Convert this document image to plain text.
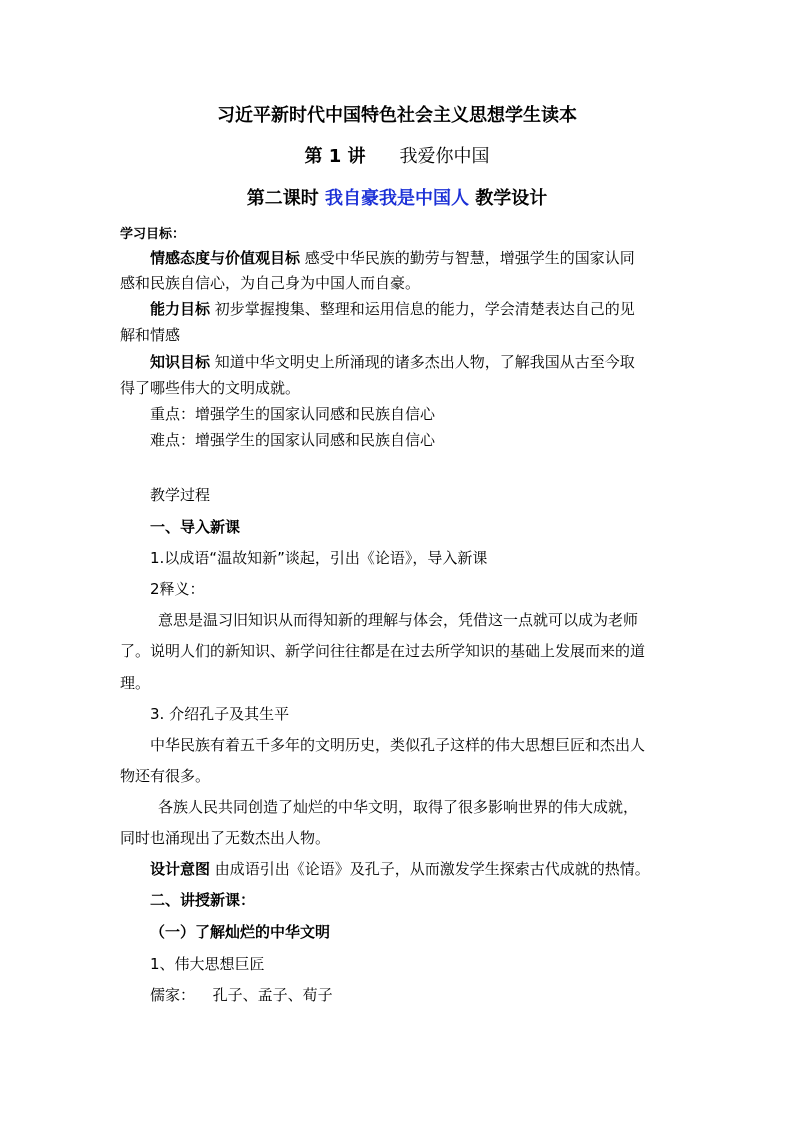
习近平新时代中国特色社会主义思想学生读本
第 1 讲 我爱你中国
第二课时 我自豪我是中国人 教学设计
学习目标：
情感态度与价值观目标 感受中华民族的勤劳与智慧，增强学生的国家认同
感和民族自信心，为自己身为中国人而自豪。
能力目标 初步掌握搜集、整理和运用信息的能力，学会清楚表达自己的见
解和情感
知识目标 知道中华文明史上所涌现的诸多杰出人物，了解我国从古至今取
得了哪些伟大的文明成就。
重点：增强学生的国家认同感和民族自信心
难点：增强学生的国家认同感和民族自信心
教学过程
一、导入新课
1.以成语“温故知新”谈起，引出《论语》，导入新课
2释义：
意思是温习旧知识从而得知新的理解与体会，凭借这一点就可以成为老师
了。说明人们的新知识、新学问往往都是在过去所学知识的基础上发展而来的道
理。
3. 介绍孔子及其生平
中华民族有着五千多年的文明历史，类似孔子这样的伟大思想巨匠和杰出人
物还有很多。
各族人民共同创造了灿烂的中华文明，取得了很多影响世界的伟大成就，
同时也涌现出了无数杰出人物。
设计意图 由成语引出《论语》及孔子，从而激发学生探索古代成就的热情。
二、讲授新课：
（一）了解灿烂的中华文明
1、伟大思想巨匠
儒家： 孔子、孟子、荀子
